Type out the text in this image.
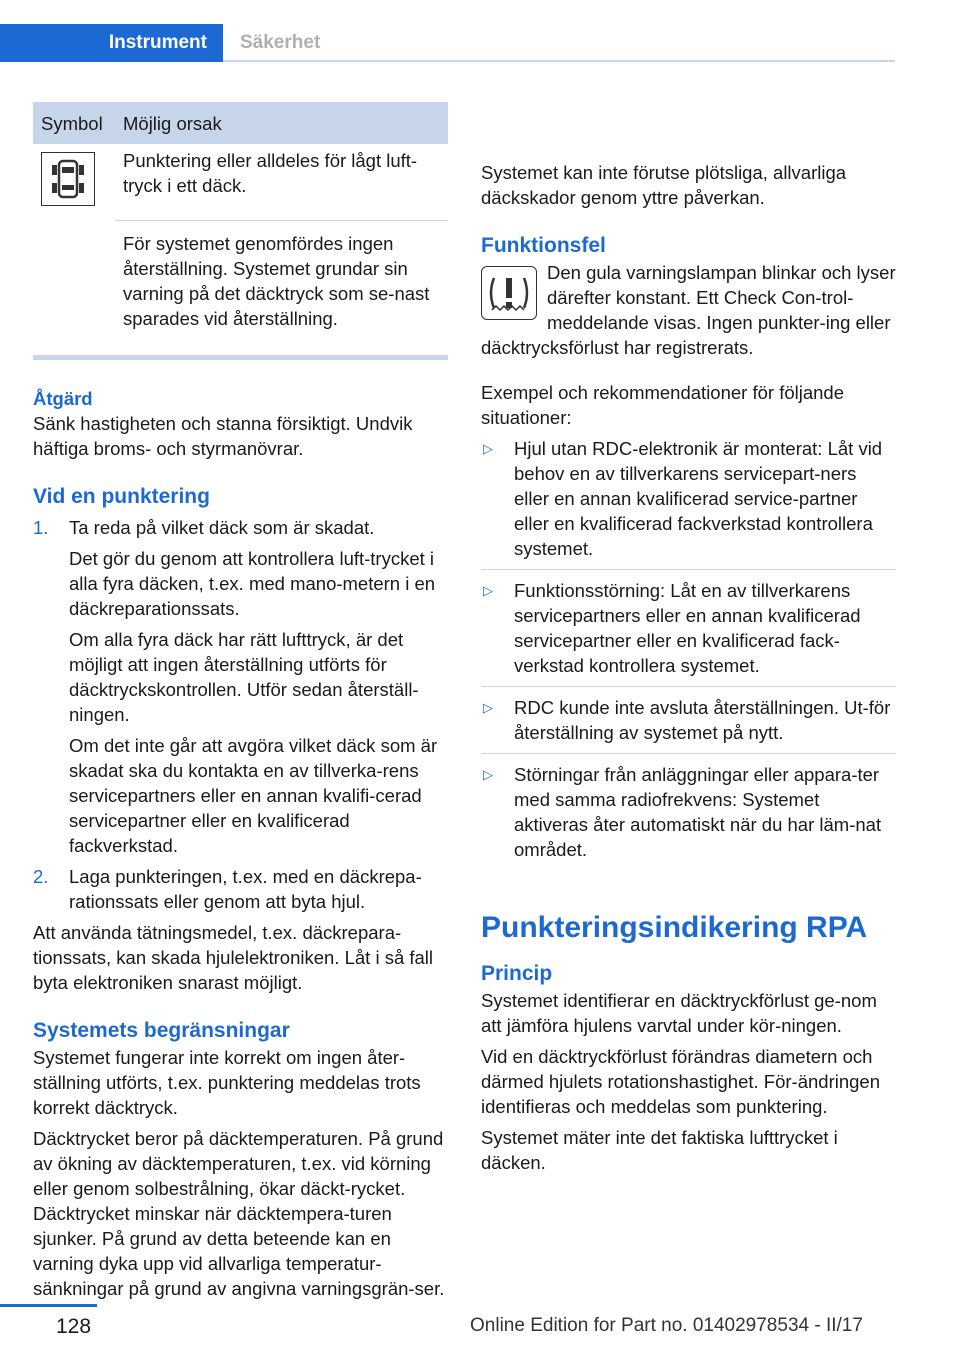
Instrument	Säkerhet
Symbol	Möjlig orsak

	Punktering eller alldeles för lågt luft-tryck i ett däck.
	För systemet genomfördes ingen återställning. Systemet grundar sin varning på det däcktryck som se-nast sparades vid återställning.
Åtgärd

Sänk hastigheten och stanna försiktigt. Undvik häftiga broms- och styrmanövrar.

Vid en punktering
1. Ta reda på vilket däck som är skadat.
Det gör du genom att kontrollera luft-trycket i alla fyra däcken, t.ex. med mano-metern i en däckreparationssats.
Om alla fyra däck har rätt lufttryck, är det möjligt att ingen återställning utförts för däcktryckskontrollen. Utför sedan återställ-ningen.
Om det inte går att avgöra vilket däck som är skadat ska du kontakta en av tillverka-rens servicepartners eller en annan kvalifi-cerad servicepartner eller en kvalificerad fackverkstad.
2. Laga punkteringen, t.ex. med en däckrepa-rationssats eller genom att byta hjul.

Att använda tätningsmedel, t.ex. däckrepara-tionssats, kan skada hjulelektroniken. Låt i så fall byta elektroniken snarast möjligt.

Systemets begränsningar

Systemet fungerar inte korrekt om ingen åter-ställning utförts, t.ex. punktering meddelas trots korrekt däcktryck.

Däcktrycket beror på däcktemperaturen. På grund av ökning av däcktemperaturen, t.ex. vid körning eller genom solbestrålning, ökar däckt-rycket. Däcktrycket minskar när däcktempera-turen sjunker. På grund av detta beteende kan en varning dyka upp vid allvarliga temperatur-sänkningar på grund av angivna varningsgrän-ser.

Systemet kan inte förutse plötsliga, allvarliga däckskador genom yttre påverkan.

Funktionsfel

Den gula varningslampan blinkar och lyser därefter konstant. Ett Check Con-trol-meddelande visas. Ingen punkter-ing eller däcktrycksförlust har registrerats.

Exempel och rekommendationer för följande situationer:

▷ Hjul utan RDC-elektronik är monterat: Låt vid behov en av tillverkarens servicepart-ners eller en annan kvalificerad service-partner eller en kvalificerad fackverkstad kontrollera systemet.
▷ Funktionsstörning: Låt en av tillverkarens servicepartners eller en annan kvalificerad servicepartner eller en kvalificerad fack-verkstad kontrollera systemet.
▷ RDC kunde inte avsluta återställningen. Ut-för återställning av systemet på nytt.
▷ Störningar från anläggningar eller appara-ter med samma radiofrekvens: Systemet aktiveras åter automatiskt när du har läm-nat området.
Punkteringsindikering RPA
Princip

Systemet identifierar en däcktryckförlust ge-nom att jämföra hjulens varvtal under kör-ningen.

Vid en däcktryckförlust förändras diametern och därmed hjulets rotationshastighet. För-ändringen identifieras och meddelas som punktering.

Systemet mäter inte det faktiska lufttrycket i däcken.

128	Online Edition for Part no. 01402978534 - II/17
